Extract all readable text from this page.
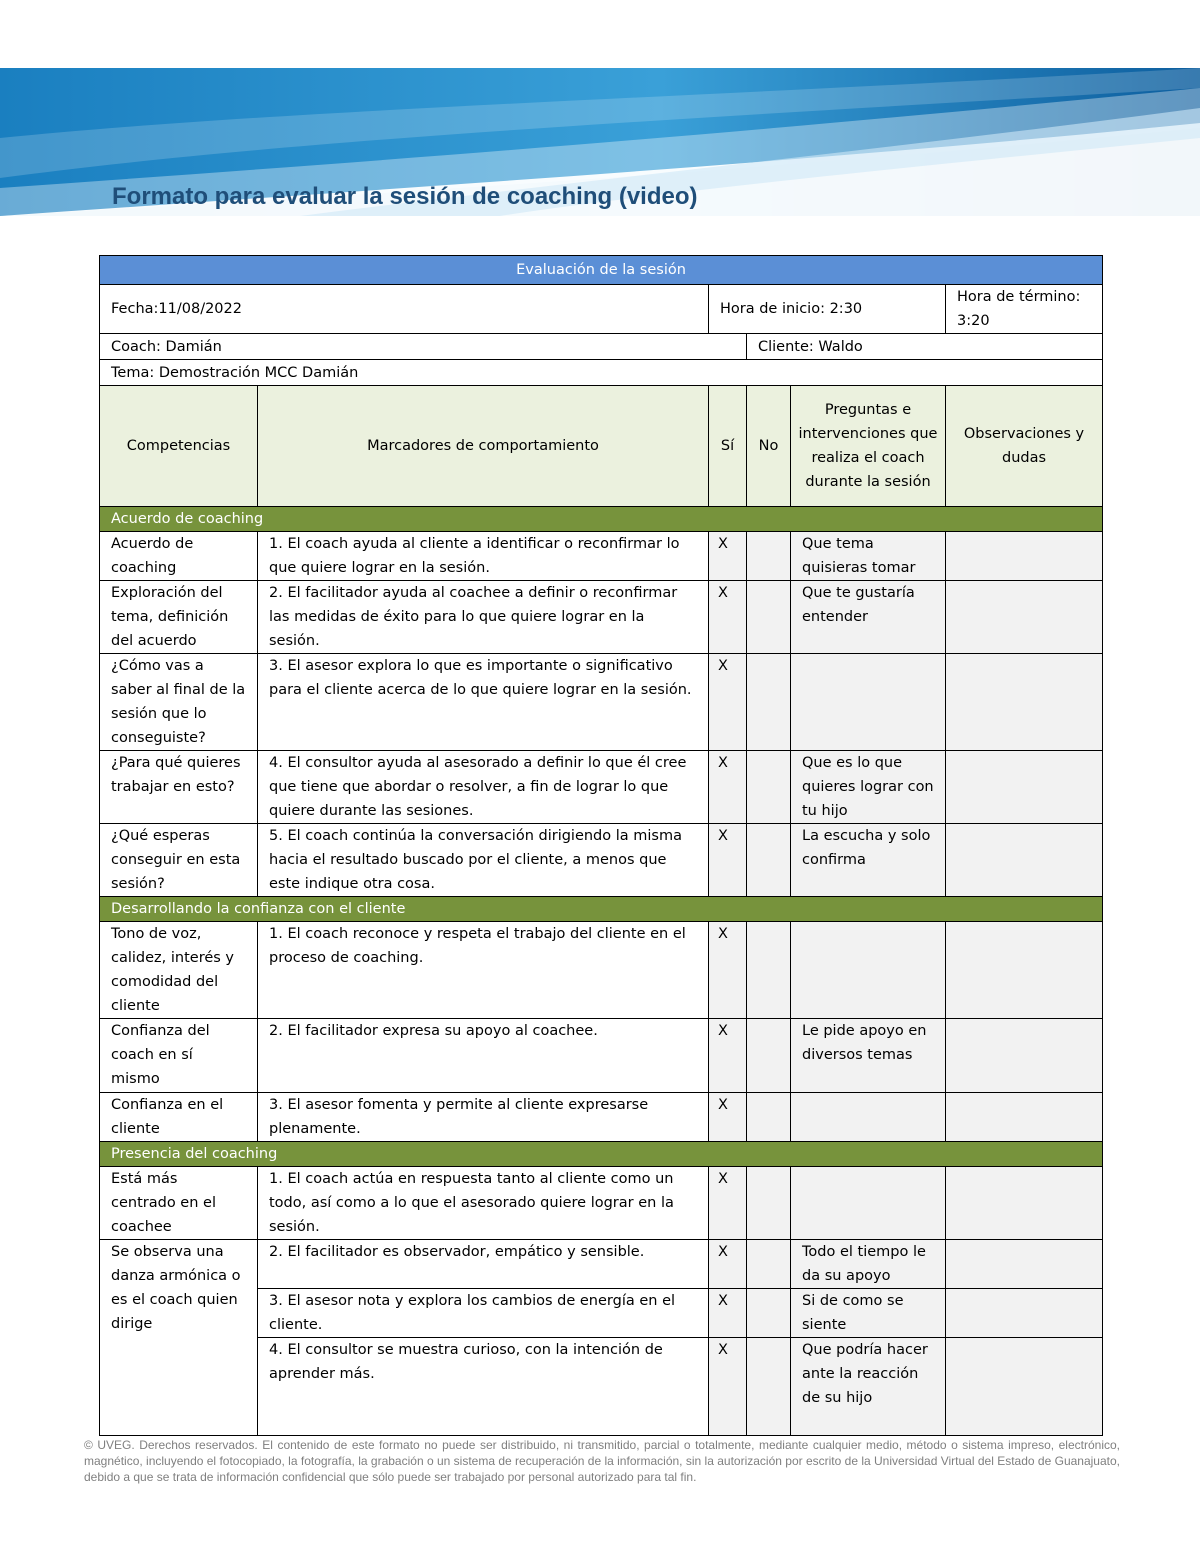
Formato para evaluar la sesión de coaching (video)
Evaluación de la sesión					
Fecha:11/08/2022		Hora de inicio: 2:30			Hora de término: 3:20
Coach: Damián			Cliente: Waldo		
Tema: Demostración MCC Damián					
Competencias	Marcadores de comportamiento	Sí	No	Preguntas e intervenciones que realiza el coach durante la sesión	Observaciones y dudas
Acuerdo de coaching					
Acuerdo de coaching	1. El coach ayuda al cliente a identificar o reconfirmar lo que quiere lograr en la sesión.	X		Que tema quisieras tomar	
Exploración del tema, definición del acuerdo	2. El facilitador ayuda al coachee a definir o reconfirmar las medidas de éxito para lo que quiere lograr en la sesión.	X		Que te gustaría entender	
¿Cómo vas a saber al final de la sesión que lo conseguiste?	3. El asesor explora lo que es importante o significativo para el cliente acerca de lo que quiere lograr en la sesión.	X			
¿Para qué quieres trabajar en esto?	4. El consultor ayuda al asesorado a definir lo que él cree que tiene que abordar o resolver, a fin de lograr lo que quiere durante las sesiones.	X		Que es lo que quieres lograr con tu hijo	
¿Qué esperas conseguir en esta sesión?	5. El coach continúa la conversación dirigiendo la misma hacia el resultado buscado por el cliente, a menos que este indique otra cosa.	X		La escucha y solo confirma	
Desarrollando la confianza con el cliente					
Tono de voz, calidez, interés y comodidad del cliente	1. El coach reconoce y respeta el trabajo del cliente en el proceso de coaching.	X			
Confianza del coach en sí mismo	2. El facilitador expresa su apoyo al coachee.	X		Le pide apoyo en diversos temas	
Confianza en el cliente	3. El asesor fomenta y permite al cliente expresarse plenamente.	X			
Presencia del coaching					
Está más centrado en el coachee	1. El coach actúa en respuesta tanto al cliente como un todo, así como a lo que el asesorado quiere lograr en la sesión.	X			
Se observa una danza armónica o es el coach quien dirige	2. El facilitador es observador, empático y sensible.	X		Todo el tiempo le da su apoyo	
	3. El asesor nota y explora los cambios de energía en el cliente.	X		Si de como se siente	
	4. El consultor se muestra curioso, con la intención de aprender más.	X		Que podría hacer ante la reacción de su hijo	
© UVEG. Derechos reservados. El contenido de este formato no puede ser distribuido, ni transmitido, parcial o totalmente, mediante cualquier medio, método o sistema impreso, electrónico, magnético, incluyendo el fotocopiado, la fotografía, la grabación o un sistema de recuperación de la información, sin la autorización por escrito de la Universidad Virtual del Estado de Guanajuato, debido a que se trata de información confidencial que sólo puede ser trabajado por personal autorizado para tal fin.
